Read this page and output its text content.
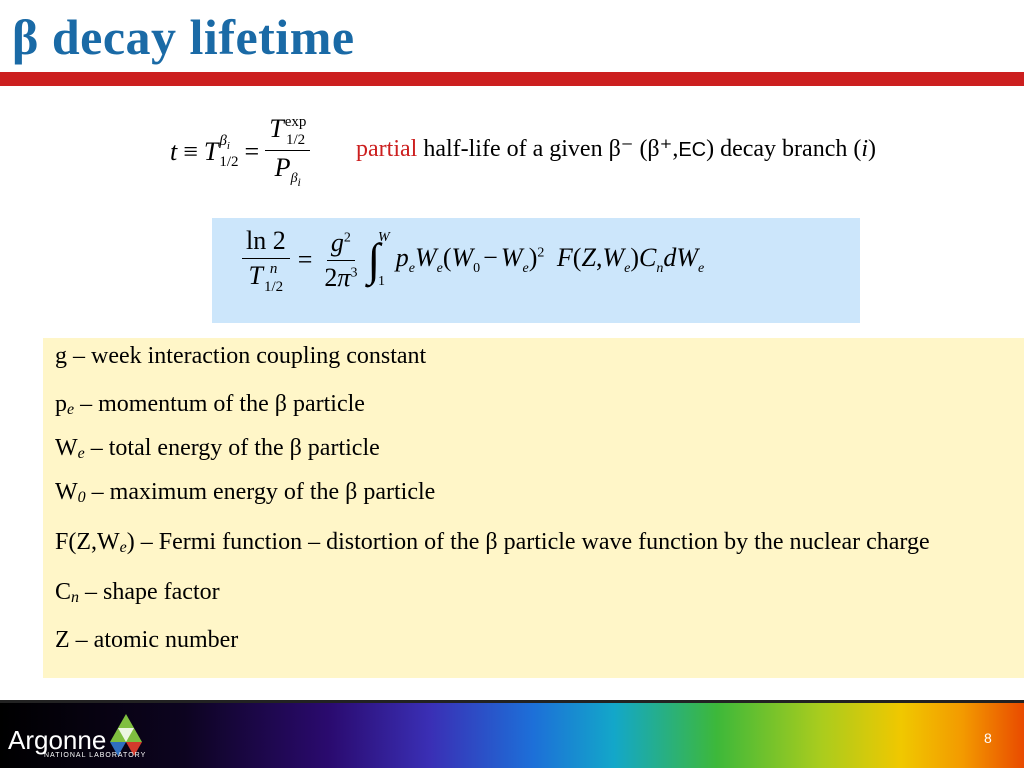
β decay lifetime
t ≡ T $\beta_i$
1/2 = T exp
1/2
$P_{\beta_i}$ partial half-life of a given β⁻ (β⁺,EC) decay branch (i)
ln 2
T n
$1/2 = \frac{g^2}{2\pi^3}$ ∫
W
1
$p_eW_e(W_0 - W_e)^2$ $F(Z,W_e)C_ndW_e$
g – week interaction coupling constant
pe – momentum of the β particle
We – total energy of the β particle
W0 – maximum energy of the β particle
F(Z,We) – Fermi function – distortion of the β particle wave function by the nuclear charge
Cn – shape factor
Z – atomic number
Argonne
NATIONAL LABORATORY
8
